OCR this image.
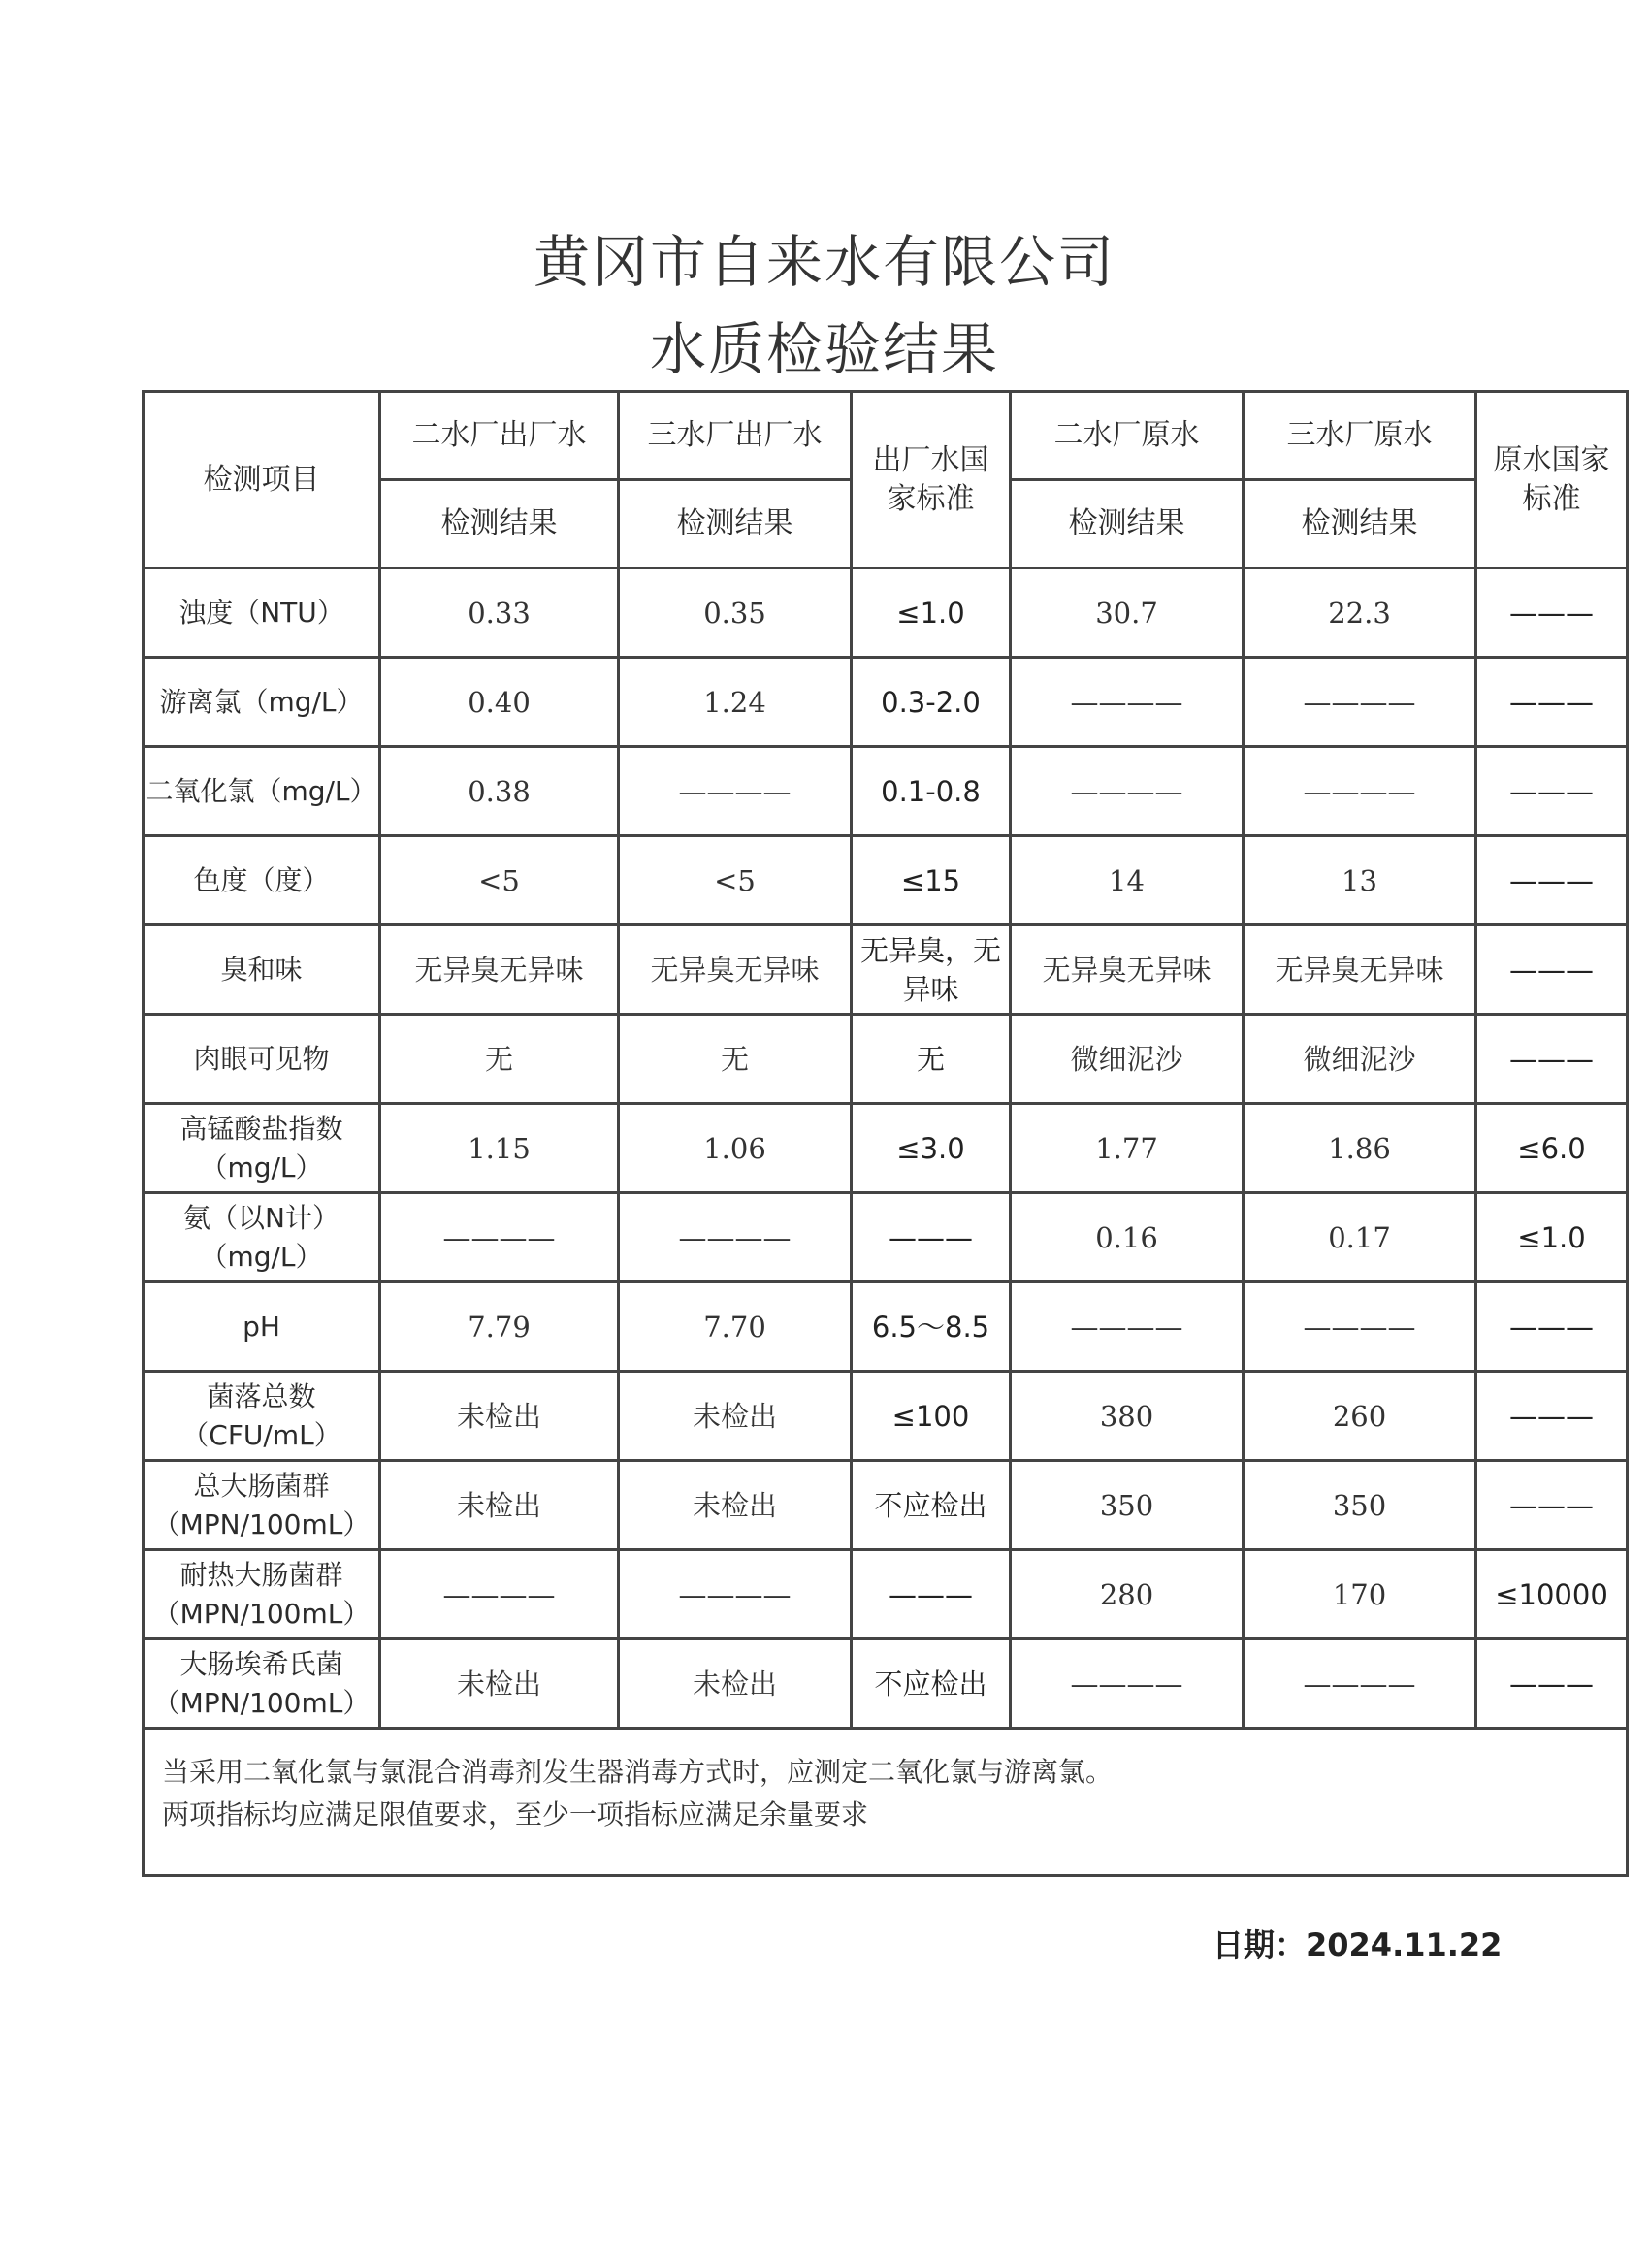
黄冈市自来水有限公司
水质检验结果
检测项目	二水厂出厂水	三水厂出厂水	出厂水国家标准	二水厂原水	三水厂原水	原水国家标准
	检测结果	检测结果		检测结果	检测结果	
浊度（NTU）	0.33	0.35	≤1.0	30.7	22.3	———
游离氯（mg/L）	0.40	1.24	0.3-2.0	————	————	———
二氧化氯（mg/L）	0.38	————	0.1-0.8	————	————	———
色度（度）	<5	<5	≤15	14	13	———
臭和味	无异臭无异味	无异臭无异味	无异臭，无异味	无异臭无异味	无异臭无异味	———
肉眼可见物	无	无	无	微细泥沙	微细泥沙	———
高锰酸盐指数（mg/L）	1.15	1.06	≤3.0	1.77	1.86	≤6.0
氨（以N计）（mg/L）	————	————	———	0.16	0.17	≤1.0
pH	7.79	7.70	6.5～8.5	————	————	———
菌落总数（CFU/mL）	未检出	未检出	≤100	380	260	———
总大肠菌群（MPN/100mL）	未检出	未检出	不应检出	350	350	———
耐热大肠菌群（MPN/100mL）	————	————	———	280	170	≤10000
大肠埃希氏菌（MPN/100mL）	未检出	未检出	不应检出	————	————	———

当采用二氧化氯与氯混合消毒剂发生器消毒方式时，应测定二氧化氯与游离氯。
两项指标均应满足限值要求，至少一项指标应满足余量要求						
日期：2024.11.22
